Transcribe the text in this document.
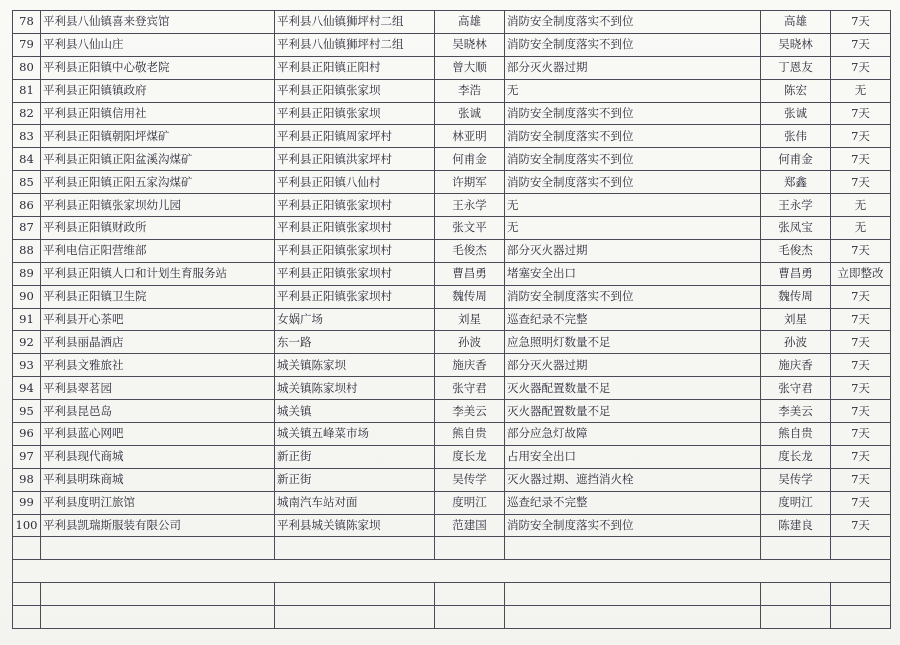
78	平利县八仙镇喜来登宾馆	平利县八仙镇狮坪村二组	高雄	消防安全制度落实不到位	高雄	7天
79	平利县八仙山庄	平利县八仙镇狮坪村二组	吴晓林	消防安全制度落实不到位	吴晓林	7天
80	平利县正阳镇中心敬老院	平利县正阳镇正阳村	曾大顺	部分灭火器过期	丁恩友	7天
81	平利县正阳镇镇政府	平利县正阳镇张家坝	李浩	无	陈宏	无
82	平利县正阳镇信用社	平利县正阳镇张家坝	张诚	消防安全制度落实不到位	张诚	7天
83	平利县正阳镇朝阳坪煤矿	平利县正阳镇周家坪村	林亚明	消防安全制度落实不到位	张伟	7天
84	平利县正阳镇正阳盆溪沟煤矿	平利县正阳镇洪家坪村	何甫金	消防安全制度落实不到位	何甫金	7天
85	平利县正阳镇正阳五家沟煤矿	平利县正阳镇八仙村	许期军	消防安全制度落实不到位	郑鑫	7天
86	平利县正阳镇张家坝幼儿园	平利县正阳镇张家坝村	王永学	无	王永学	无
87	平利县正阳镇财政所	平利县正阳镇张家坝村	张文平	无	张凤宝	无
88	平利电信正阳营维部	平利县正阳镇张家坝村	毛俊杰	部分灭火器过期	毛俊杰	7天
89	平利县正阳镇人口和计划生育服务站	平利县正阳镇张家坝村	曹昌勇	堵塞安全出口	曹昌勇	立即整改
90	平利县正阳镇卫生院	平利县正阳镇张家坝村	魏传周	消防安全制度落实不到位	魏传周	7天
91	平利县开心茶吧	女娲广场	刘星	巡查纪录不完整	刘星	7天
92	平利县丽晶酒店	东一路	孙波	应急照明灯数量不足	孙波	7天
93	平利县文雅旅社	城关镇陈家坝	施庆香	部分灭火器过期	施庆香	7天
94	平利县翠茗园	城关镇陈家坝村	张守君	灭火器配置数量不足	张守君	7天
95	平利县昆邑岛	城关镇	李美云	灭火器配置数量不足	李美云	7天
96	平利县蓝心网吧	城关镇五峰菜市场	熊自贵	部分应急灯故障	熊自贵	7天
97	平利县现代商城	新正街	度长龙	占用安全出口	度长龙	7天
98	平利县明珠商城	新正街	吴传学	灭火器过期、遮挡消火栓	吴传学	7天
99	平利县度明江旅馆	城南汽车站对面	度明江	巡查纪录不完整	度明江	7天
100	平利县凯瑞斯服装有限公司	平利县城关镇陈家坝	范建国	消防安全制度落实不到位	陈建良	7天
